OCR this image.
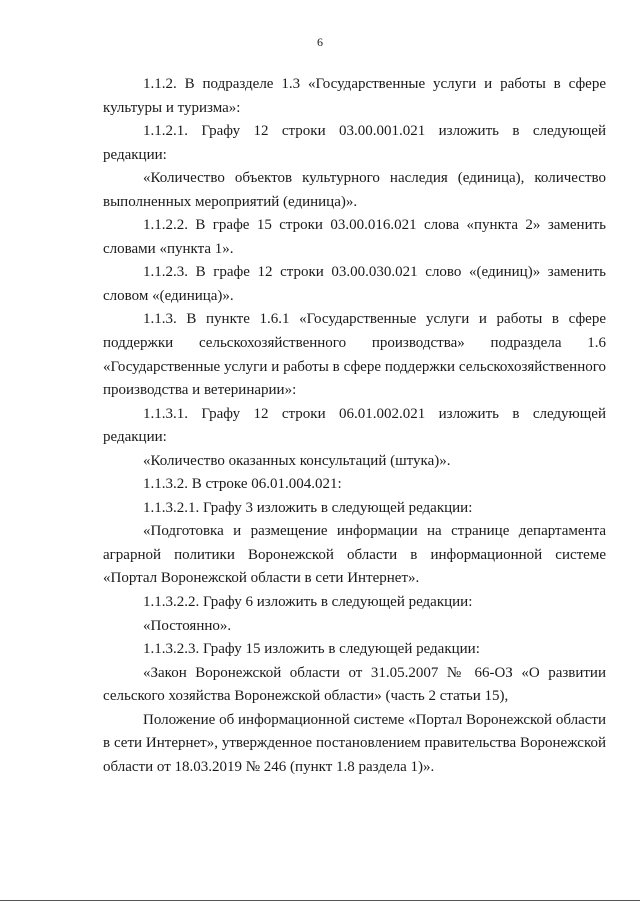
6

1.1.2. В подразделе 1.3 «Государственные услуги и работы в сфере культуры и туризма»:

1.1.2.1. Графу 12 строки 03.00.001.021 изложить в следующей редакции:

«Количество объектов культурного наследия (единица), количество выполненных мероприятий (единица)».

1.1.2.2. В графе 15 строки 03.00.016.021 слова «пункта 2» заменить словами «пункта 1».

1.1.2.3. В графе 12 строки 03.00.030.021 слово «(единиц)» заменить словом «(единица)».

1.1.3. В пункте 1.6.1 «Государственные услуги и работы в сфере поддержки сельскохозяйственного производства» подраздела 1.6 «Государственные услуги и работы в сфере поддержки сельскохозяйственного производства и ветеринарии»:

1.1.3.1. Графу 12 строки 06.01.002.021 изложить в следующей редакции:

«Количество оказанных консультаций (штука)».

1.1.3.2. В строке 06.01.004.021:

1.1.3.2.1. Графу 3 изложить в следующей редакции:

«Подготовка и размещение информации на странице департамента аграрной политики Воронежской области в информационной системе «Портал Воронежской области в сети Интернет».

1.1.3.2.2. Графу 6 изложить в следующей редакции:

«Постоянно».

1.1.3.2.3. Графу 15 изложить в следующей редакции:

«Закон Воронежской области от 31.05.2007 № 66-ОЗ «О развитии сельского хозяйства Воронежской области» (часть 2 статьи 15),

Положение об информационной системе «Портал Воронежской области в сети Интернет», утвержденное постановлением правительства Воронежской области от 18.03.2019 № 246 (пункт 1.8 раздела 1)».
